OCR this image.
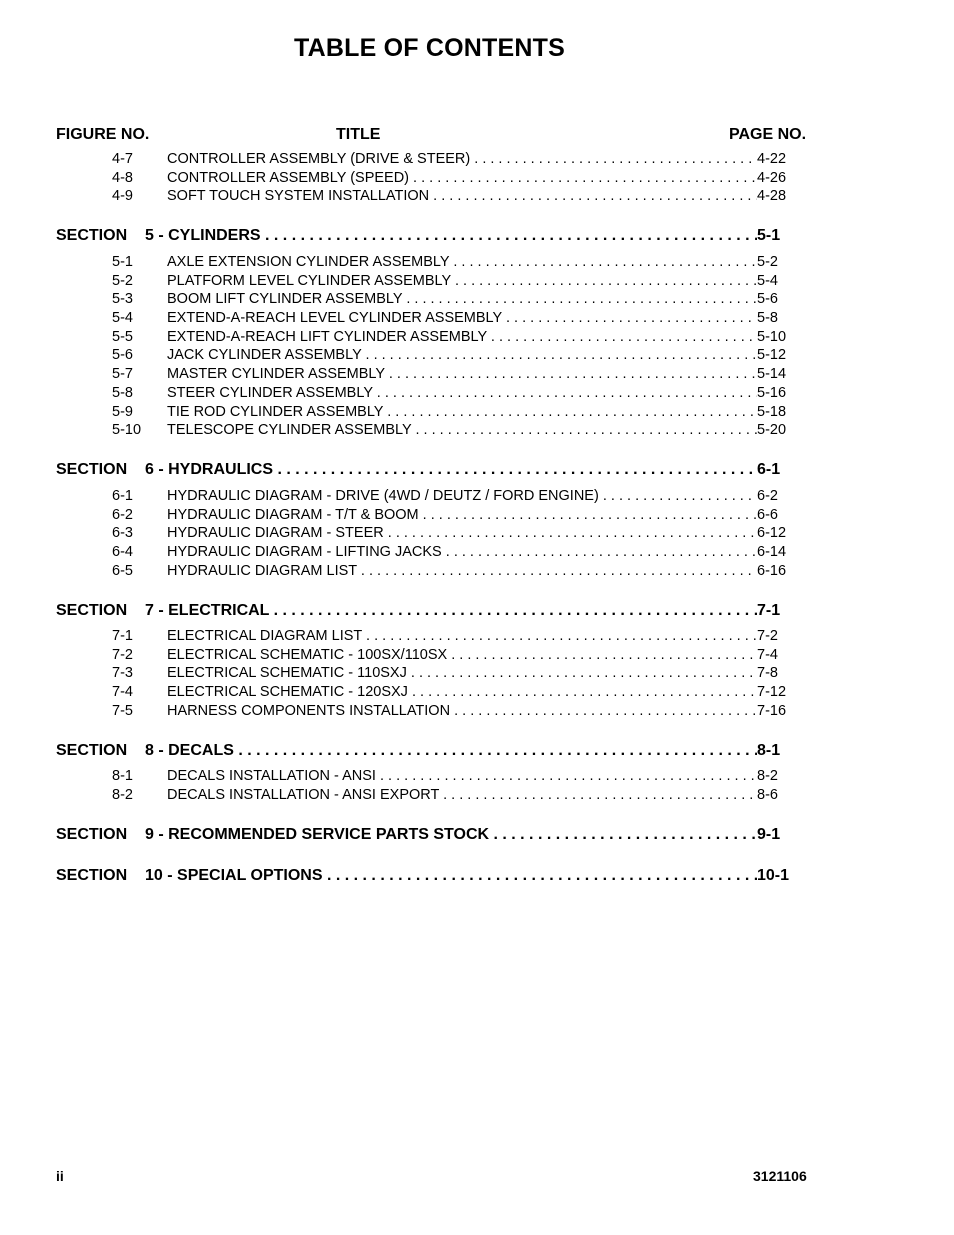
TABLE OF CONTENTS
FIGURE NO.	TITLE	PAGE NO.
4-7 CONTROLLER ASSEMBLY (DRIVE & STEER) . . .	4-22
4-8 CONTROLLER ASSEMBLY (SPEED) . . .	4-26
4-9 SOFT TOUCH SYSTEM INSTALLATION . . .	4-28
SECTION 5 - CYLINDERS . . .	5-1
5-1 AXLE EXTENSION CYLINDER ASSEMBLY . . .	5-2
5-2 PLATFORM LEVEL CYLINDER ASSEMBLY . . .	5-4
5-3 BOOM LIFT CYLINDER ASSEMBLY . . .	5-6
5-4 EXTEND-A-REACH LEVEL CYLINDER ASSEMBLY . . .	5-8
5-5 EXTEND-A-REACH LIFT CYLINDER ASSEMBLY . . .	5-10
5-6 JACK CYLINDER ASSEMBLY . . .	5-12
5-7 MASTER CYLINDER ASSEMBLY . . .	5-14
5-8 STEER CYLINDER ASSEMBLY . . .	5-16
5-9 TIE ROD CYLINDER ASSEMBLY . . .	5-18
5-10 TELESCOPE CYLINDER ASSEMBLY . . .	5-20
SECTION 6 - HYDRAULICS . . .	6-1
6-1 HYDRAULIC DIAGRAM - DRIVE (4WD / DEUTZ / FORD ENGINE) . . .	6-2
6-2 HYDRAULIC DIAGRAM - T/T & BOOM . . .	6-6
6-3 HYDRAULIC DIAGRAM - STEER . . .	6-12
6-4 HYDRAULIC DIAGRAM - LIFTING JACKS . . .	6-14
6-5 HYDRAULIC DIAGRAM LIST . . .	6-16
SECTION 7 - ELECTRICAL . . .	7-1
7-1 ELECTRICAL DIAGRAM LIST . . .	7-2
7-2 ELECTRICAL SCHEMATIC - 100SX/110SX . . .	7-4
7-3 ELECTRICAL SCHEMATIC - 110SXJ . . .	7-8
7-4 ELECTRICAL SCHEMATIC - 120SXJ . . .	7-12
7-5 HARNESS COMPONENTS INSTALLATION . . .	7-16
SECTION 8 - DECALS . . .	8-1
8-1 DECALS INSTALLATION - ANSI . . .	8-2
8-2 DECALS INSTALLATION - ANSI EXPORT . . .	8-6
SECTION 9 - RECOMMENDED SERVICE PARTS STOCK . . .	9-1
SECTION 10 - SPECIAL OPTIONS . . .	10-1
ii	3121106
